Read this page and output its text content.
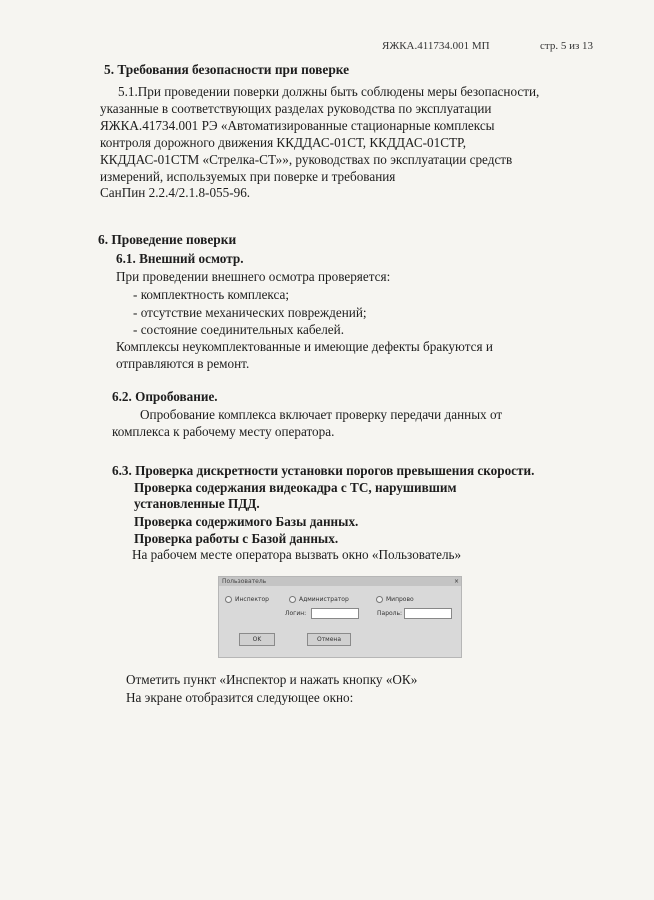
ЯЖКА.411734.001 МП	стр. 5 из 13
5. Требования безопасности при поверке
5.1.При проведении поверки должны быть соблюдены меры безопасности,
указанные в соответствующих разделах руководства по эксплуатации
ЯЖКА.41734.001 РЭ «Автоматизированные стационарные комплексы
контроля дорожного движения ККДДАС-01СТ, ККДДАС-01СТР,
ККДДАС-01СТМ «Стрелка-СТ»», руководствах по эксплуатации средств
измерений, используемых при поверке и требования
СанПин 2.2.4/2.1.8-055-96.
6. Проведение поверки
6.1. Внешний осмотр.
При проведении внешнего осмотра проверяется:
- комплектность комплекса;
- отсутствие механических повреждений;
- состояние соединительных кабелей.
Комплексы неукомплектованные и имеющие дефекты бракуются и
отправляются в ремонт.
6.2. Опробование.
Опробование комплекса включает проверку передачи данных от
комплекса к рабочему месту оператора.
6.3. Проверка дискретности установки порогов превышения скорости.
Проверка содержания видеокадра с ТС, нарушившим
установленные ПДД.
Проверка содержимого Базы данных.
Проверка работы с Базой данных.
На рабочем месте оператора вызвать окно «Пользователь»
Пользователь	×
Инспектор	Администратор	Мипрово
Логин:	Пароль:
OK	Отмена
Отметить пункт «Инспектор и нажать кнопку «ОК»
На экране отобразится следующее окно:
